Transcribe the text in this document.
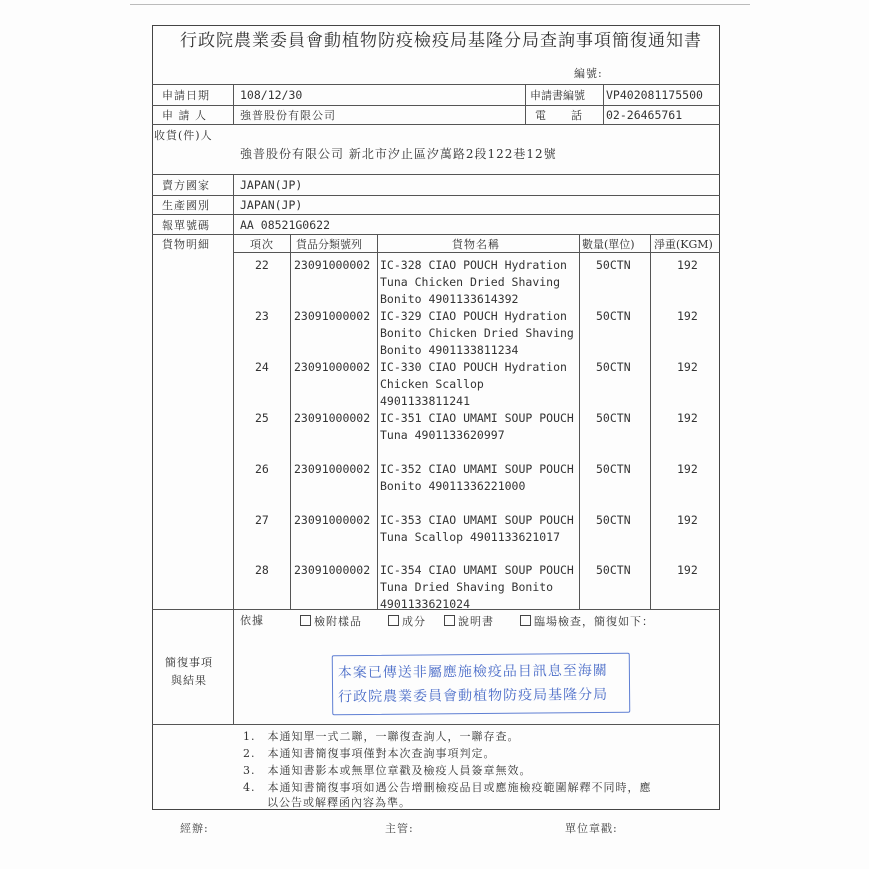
行政院農業委員會動植物防疫檢疫局基隆分局查詢事項簡復通知書
編號:
申請日期	108/12/30	申請書編號 VP402081175500
申 請 人	強普股份有限公司	電　　話 02-26465761
收貨(件)人
強普股份有限公司 新北市汐止區汐萬路2段122巷12號
賣方國家	JAPAN(JP)
生產國別	JAPAN(JP)
報單號碼	AA 08521G0622
貨物明細	項次 貨品分類號列	貨物名稱	數量(單位) 淨重(KGM)
22 23091000002 IC-328 CIAO POUCH Hydration
Tuna Chicken Dried Shaving
Bonito 4901133614392
50CTN	192
23 23091000002 IC-329 CIAO POUCH Hydration
Bonito Chicken Dried Shaving
Bonito 4901133811234
50CTN	192
24 23091000002 IC-330 CIAO POUCH Hydration
Chicken Scallop
4901133811241
50CTN	192
25 23091000002 IC-351 CIAO UMAMI SOUP POUCH
Tuna 4901133620997
50CTN	192
26 23091000002 IC-352 CIAO UMAMI SOUP POUCH
Bonito 49011336221000
50CTN	192
27 23091000002 IC-353 CIAO UMAMI SOUP POUCH
Tuna Scallop 4901133621017
50CTN	192
28 23091000002 IC-354 CIAO UMAMI SOUP POUCH
Tuna Dried Shaving Bonito
4901133621024
50CTN	192
依據	檢附樣品	成分	說明書	臨場檢查，簡復如下：
簡復事項
與結果	本案已傳送非屬應施檢疫品目訊息至海關
行政院農業委員會動植物防疫局基隆分局
1.　本通知單一式二聯，一聯復查詢人，一聯存查。
2.　本通知書簡復事項僅對本次查詢事項判定。
3.　本通知書影本或無單位章戳及檢疫人員簽章無效。
4.　本通知書簡復事項如遇公告增刪檢疫品目或應施檢疫範圍解釋不同時，應
　　以公告或解釋函內容為準。
經辦:	主管:	單位章戳:
